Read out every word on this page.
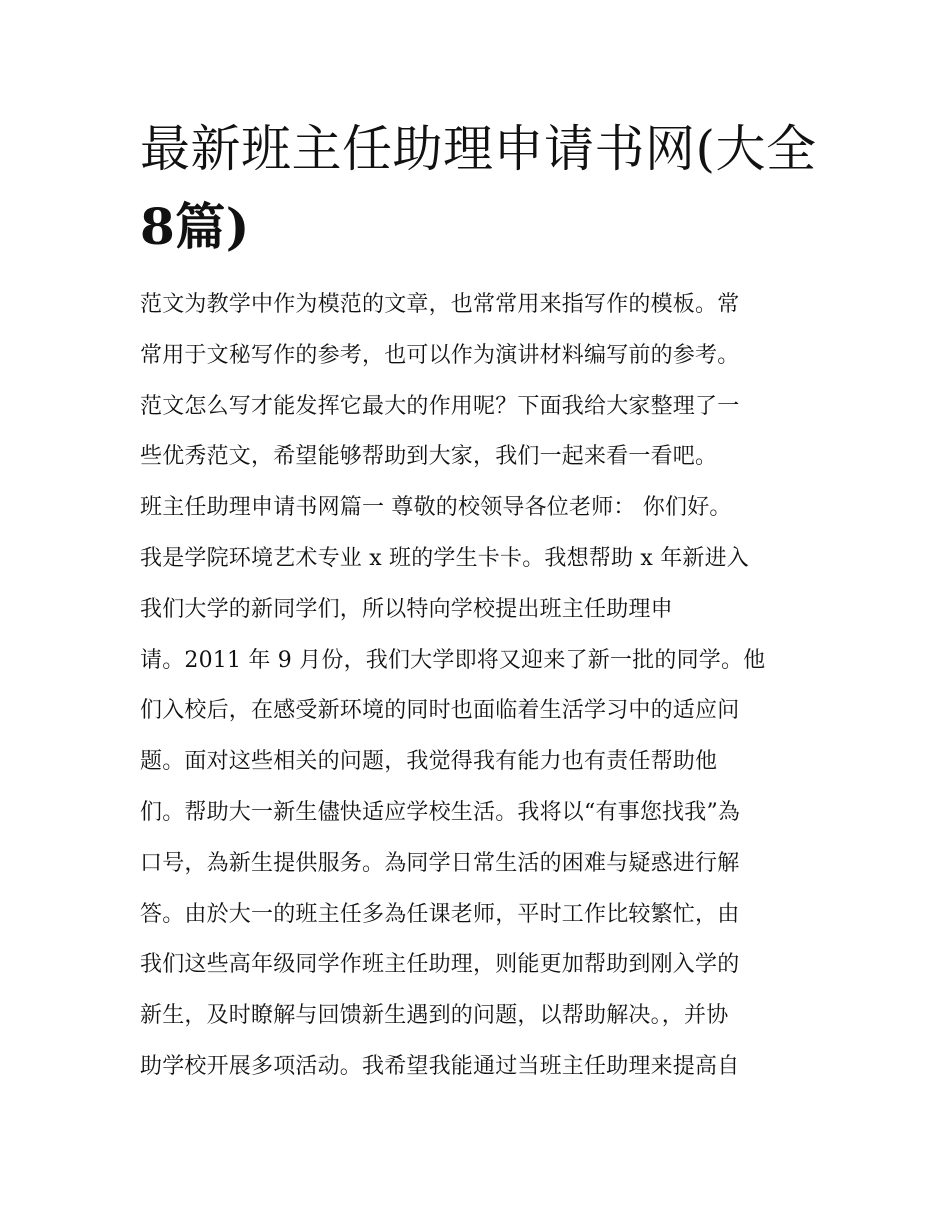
最新班主任助理申请书网(大全
8篇)
范文为教学中作为模范的文章，也常常用来指写作的模板。常
常用于文秘写作的参考，也可以作为演讲材料编写前的参考。
范文怎么写才能发挥它最大的作用呢？下面我给大家整理了一
些优秀范文，希望能够帮助到大家，我们一起来看一看吧。
班主任助理申请书网篇一 尊敬的校领导各位老师： 你们好。
我是学院环境艺术专业 x 班的学生卡卡。我想帮助 x 年新进入
我们大学的新同学们，所以特向学校提出班主任助理申
请。2011 年 9 月份，我们大学即将又迎来了新一批的同学。他
们入校后，在感受新环境的同时也面临着生活学习中的适应问
题。面对这些相关的问题，我觉得我有能力也有责任帮助他
们。帮助大一新生儘快适应学校生活。我将以“有事您找我”為
口号，為新生提供服务。為同学日常生活的困难与疑惑进行解
答。由於大一的班主任多為任课老师，平时工作比较繁忙，由
我们这些高年级同学作班主任助理，则能更加帮助到刚入学的
新生，及时瞭解与回馈新生遇到的问题，以帮助解决。，并协
助学校开展多项活动。我希望我能通过当班主任助理来提高自
